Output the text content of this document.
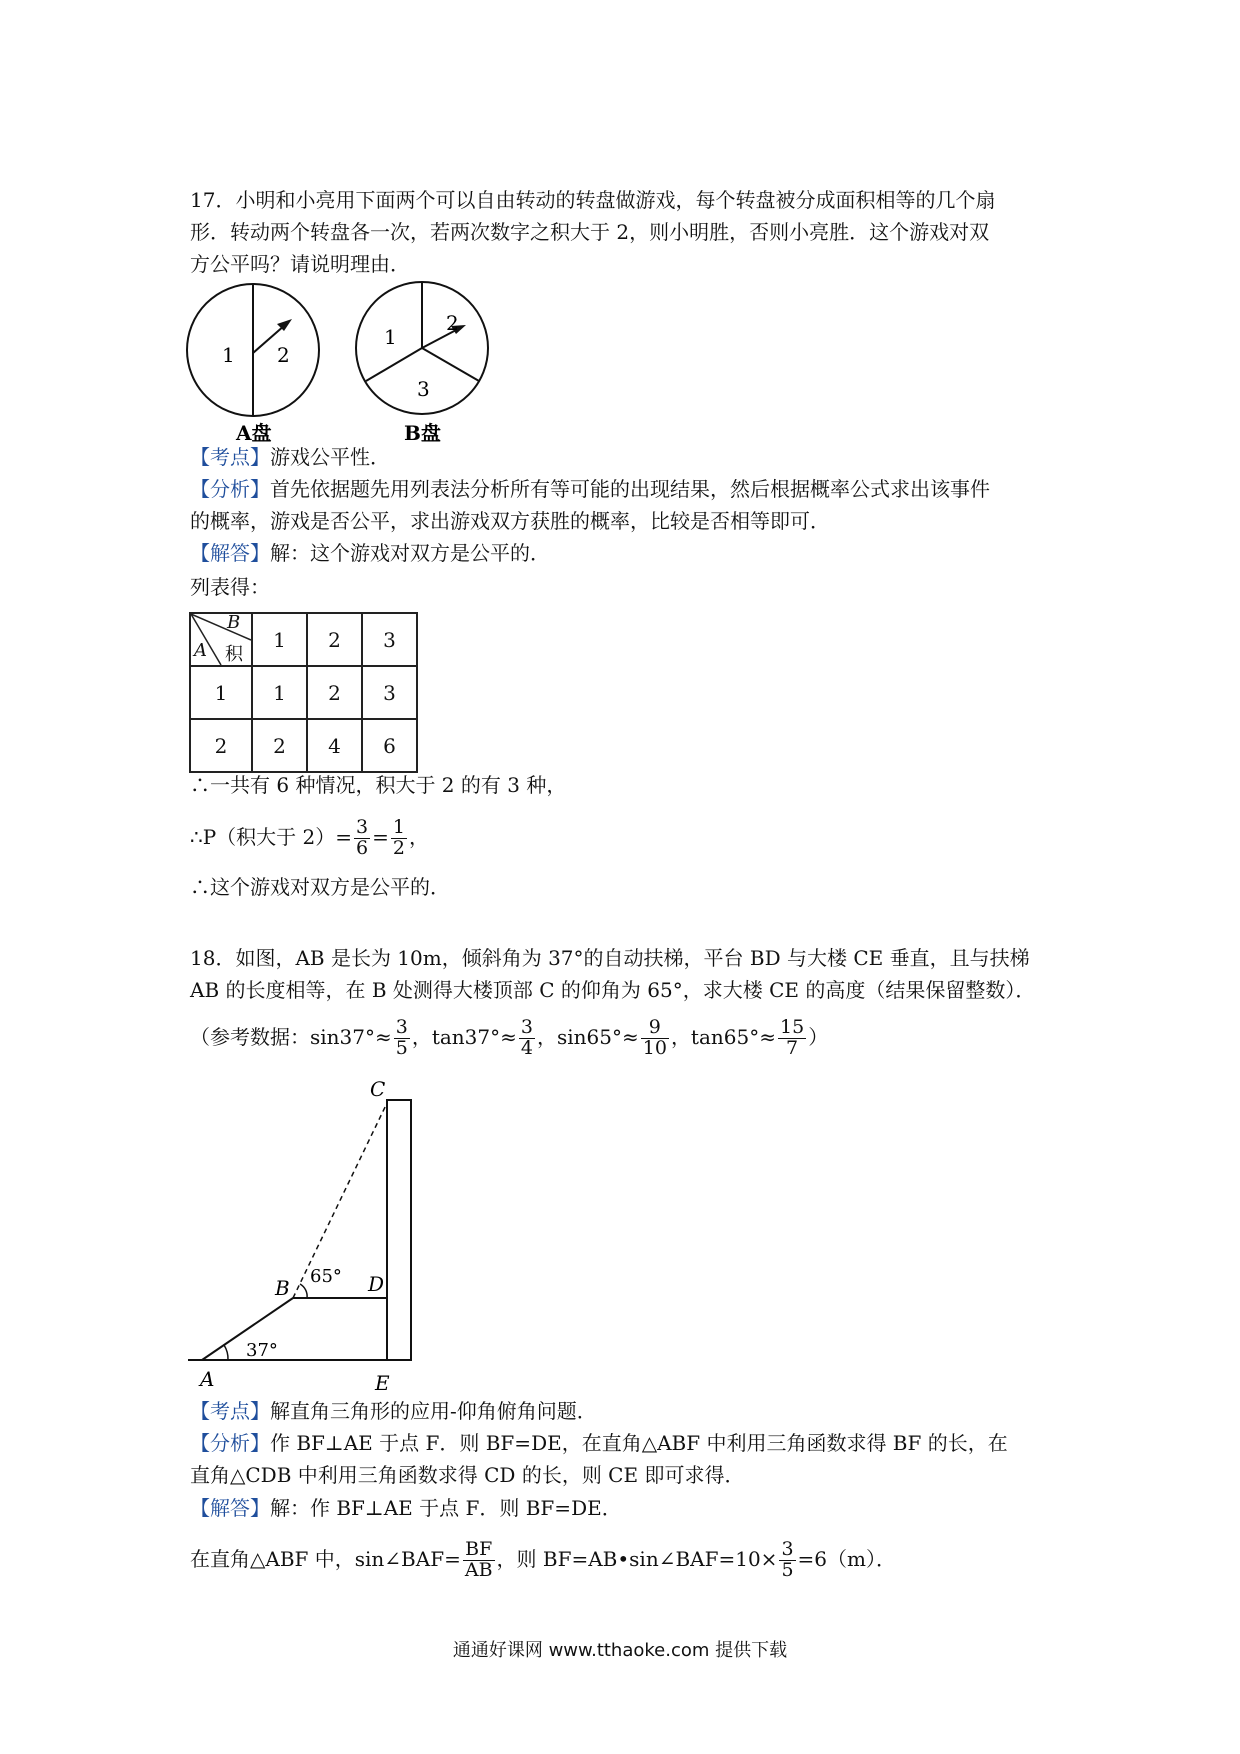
17．小明和小亮用下面两个可以自由转动的转盘做游戏，每个转盘被分成面积相等的几个扇
形．转动两个转盘各一次，若两次数字之积大于 2，则小明胜，否则小亮胜．这个游戏对双
方公平吗？请说明理由．
1 2
A盘
1
2
3
B盘
【考点】游戏公平性．
【分析】首先依据题先用列表法分析所有等可能的出现结果，然后根据概率公式求出该事件
的概率，游戏是否公平，求出游戏双方获胜的概率，比较是否相等即可．
【解答】解：这个游戏对双方是公平的．
列表得：
B
A 积	1	2	3
1	1	2	3
2	2	4	6
∴一共有 6 种情况，积大于 2 的有 3 种，
∴P（积大于 $2)= \frac{3}{6} = \frac{1}{2}$ ，
∴这个游戏对双方是公平的．
18．如图，AB 是长为 10m，倾斜角为 37°的自动扶梯，平台 BD 与大楼 CE 垂直，且与扶梯
AB 的长度相等，在 B 处测得大楼顶部 C 的仰角为 65°，求大楼 CE 的高度（结果保留整数）．
（参考数据：$\sin 37^\circ\approx \frac{3}{5}$ ，$\tan 37^\circ\approx \frac{3}{4}$ ，$\sin 65^\circ\approx \frac{9}{10}$ ，$\tan 65^\circ\approx \frac{15}{7}$ ）
C
B	D
A	E
65°
37°
【考点】解直角三角形的应用-仰角俯角问题．
【分析】作 BF⊥AE 于点 F．则 BF=DE，在直角△ABF 中利用三角函数求得 BF 的长，在
直角△CDB 中利用三角函数求得 CD 的长，则 CE 即可求得．
【解答】解：作 BF⊥AE 于点 F．则 BF=DE．
在直角△ABF 中，sin∠BAF= $\frac{BF}{AB}$ ，则 BF=AB•sin∠BAF=10× $\frac{3}{5} =6(m)$．
通通好课网 www.tthaoke.com 提供下载
